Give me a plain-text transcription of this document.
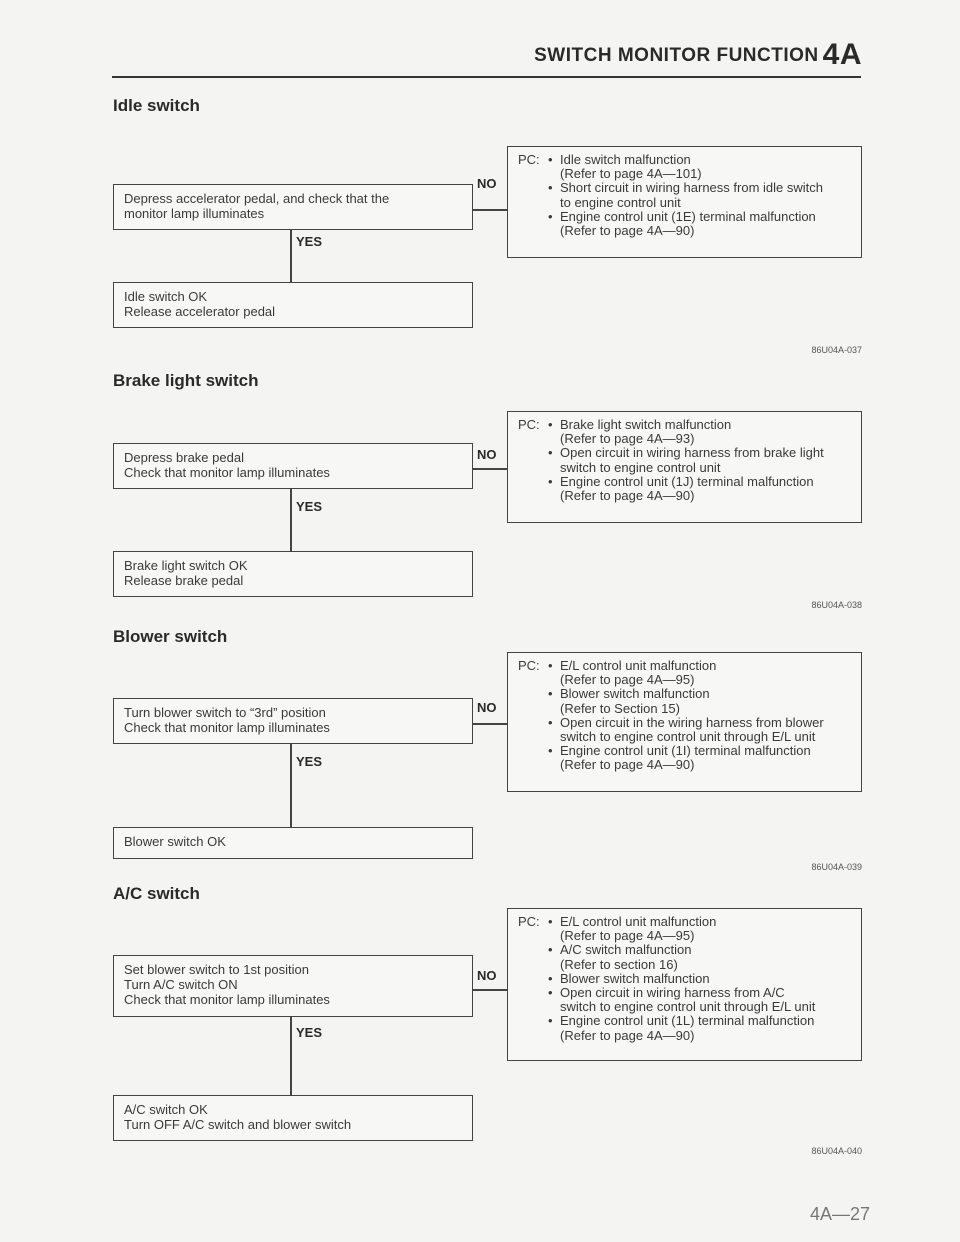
SWITCH MONITOR FUNCTION 4A
Idle switch
Depress accelerator pedal, and check that the
monitor lamp illuminates
Idle switch OK
Release accelerator pedal
YES
NO
PC: • Idle switch malfunction
(Refer to page 4A—101)
• Short circuit in wiring harness from idle switch
to engine control unit
• Engine control unit (1E) terminal malfunction
(Refer to page 4A—90)
86U04A-037
Brake light switch
Depress brake pedal
Check that monitor lamp illuminates
Brake light switch OK
Release brake pedal
YES
NO
PC: • Brake light switch malfunction
(Refer to page 4A—93)
• Open circuit in wiring harness from brake light
switch to engine control unit
• Engine control unit (1J) terminal malfunction
(Refer to page 4A—90)
86U04A-038
Blower switch
Turn blower switch to “3rd” position
Check that monitor lamp illuminates
Blower switch OK
YES
NO
PC: • E/L control unit malfunction
(Refer to page 4A—95)
• Blower switch malfunction
(Refer to Section 15)
• Open circuit in the wiring harness from blower
switch to engine control unit through E/L unit
• Engine control unit (1I) terminal malfunction
(Refer to page 4A—90)
86U04A-039
A/C switch
Set blower switch to 1st position
Turn A/C switch ON
Check that monitor lamp illuminates
A/C switch OK
Turn OFF A/C switch and blower switch
YES
NO
PC: • E/L control unit malfunction
(Refer to page 4A—95)
• A/C switch malfunction
(Refer to section 16)
• Blower switch malfunction
• Open circuit in wiring harness from A/C
switch to engine control unit through E/L unit
• Engine control unit (1L) terminal malfunction
(Refer to page 4A—90)
86U04A-040
4A—27
